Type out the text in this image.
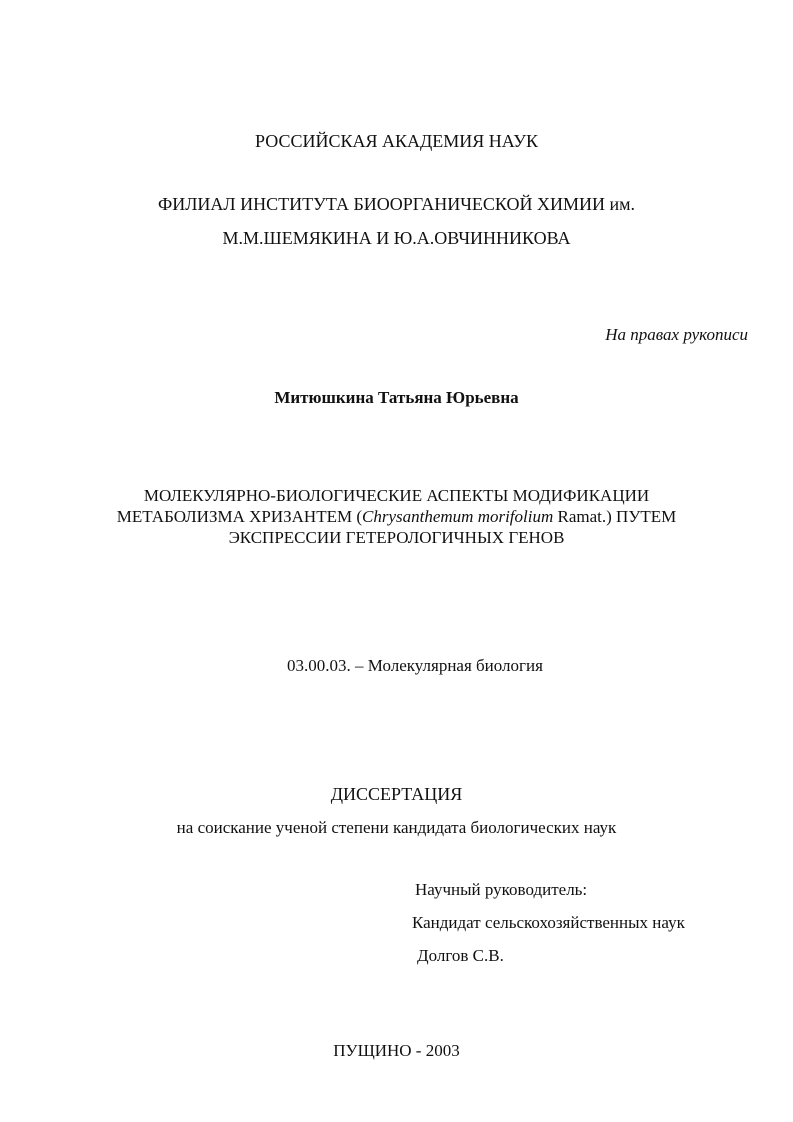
РОССИЙСКАЯ АКАДЕМИЯ НАУК
ФИЛИАЛ ИНСТИТУТА БИООРГАНИЧЕСКОЙ ХИМИИ им.
М.М.ШЕМЯКИНА И Ю.А.ОВЧИННИКОВА
На правах рукописи
Митюшкина Татьяна Юрьевна
МОЛЕКУЛЯРНО-БИОЛОГИЧЕСКИЕ АСПЕКТЫ МОДИФИКАЦИИ
МЕТАБОЛИЗМА ХРИЗАНТЕМ (Chrysanthemum morifolium Ramat.) ПУТЕМ
ЭКСПРЕССИИ ГЕТЕРОЛОГИЧНЫХ ГЕНОВ
03.00.03. – Молекулярная биология
ДИССЕРТАЦИЯ
на соискание ученой степени кандидата биологических наук
Научный руководитель:
Кандидат сельскохозяйственных наук
Долгов С.В.
ПУЩИНО - 2003
